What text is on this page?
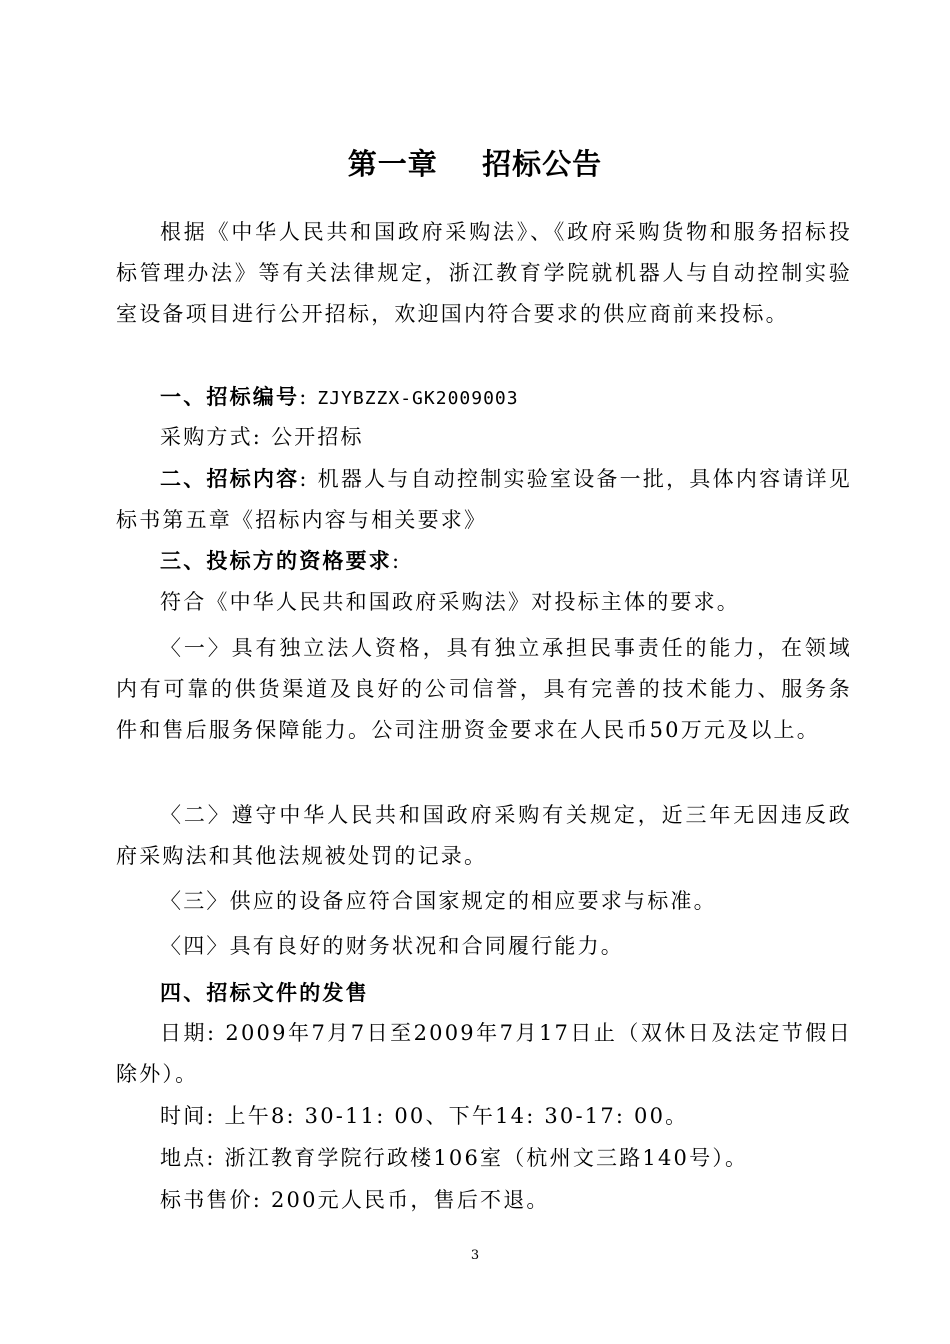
第一章    招标公告

根据《中华人民共和国政府采购法》、《政府采购货物和服务招标投标管理办法》等有关法律规定，浙江教育学院就机器人与自动控制实验室设备项目进行公开招标，欢迎国内符合要求的供应商前来投标。

一、招标编号: ZJYBZZX-GK2009003

采购方式: 公开招标

二、招标内容: 机器人与自动控制实验室设备一批，具体内容请详见标书第五章《招标内容与相关要求》

三、投标方的资格要求:

符合《中华人民共和国政府采购法》对投标主体的要求。

〈一〉具有独立法人资格，具有独立承担民事责任的能力，在领域内有可靠的供货渠道及良好的公司信誉，具有完善的技术能力、服务条件和售后服务保障能力。公司注册资金要求在人民币50万元及以上。

〈二〉遵守中华人民共和国政府采购有关规定，近三年无因违反政府采购法和其他法规被处罚的记录。

〈三〉供应的设备应符合国家规定的相应要求与标准。

〈四〉具有良好的财务状况和合同履行能力。

四、招标文件的发售

日期: 2009年7月7日至2009年7月17日止（双休日及法定节假日除外）。

时间: 上午8: 30-11: 00、下午14: 30-17: 00。

地点: 浙江教育学院行政楼106室（杭州文三路140号）。

标书售价: 200元人民币，售后不退。

3
